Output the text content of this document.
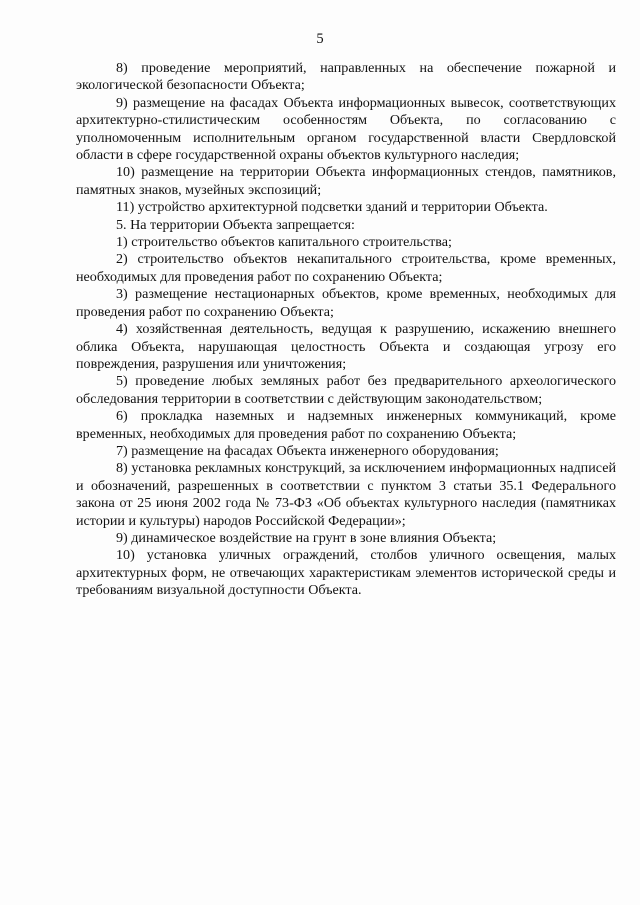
5

8) проведение мероприятий, направленных на обеспечение пожарной и экологической безопасности Объекта;

9) размещение на фасадах Объекта информационных вывесок, соответствующих архитектурно-стилистическим особенностям Объекта, по согласованию с уполномоченным исполнительным органом государственной власти Свердловской области в сфере государственной охраны объектов культурного наследия;

10) размещение на территории Объекта информационных стендов, памятников, памятных знаков, музейных экспозиций;

11) устройство архитектурной подсветки зданий и территории Объекта.

5. На территории Объекта запрещается:

1) строительство объектов капитального строительства;

2) строительство объектов некапитального строительства, кроме временных, необходимых для проведения работ по сохранению Объекта;

3) размещение нестационарных объектов, кроме временных, необходимых для проведения работ по сохранению Объекта;

4) хозяйственная деятельность, ведущая к разрушению, искажению внешнего облика Объекта, нарушающая целостность Объекта и создающая угрозу его повреждения, разрушения или уничтожения;

5) проведение любых земляных работ без предварительного археологического обследования территории в соответствии с действующим законодательством;

6) прокладка наземных и надземных инженерных коммуникаций, кроме временных, необходимых для проведения работ по сохранению Объекта;

7) размещение на фасадах Объекта инженерного оборудования;

8) установка рекламных конструкций, за исключением информационных надписей и обозначений, разрешенных в соответствии с пунктом 3 статьи 35.1 Федерального закона от 25 июня 2002 года № 73-ФЗ «Об объектах культурного наследия (памятниках истории и культуры) народов Российской Федерации»;

9) динамическое воздействие на грунт в зоне влияния Объекта;

10) установка уличных ограждений, столбов уличного освещения, малых архитектурных форм, не отвечающих характеристикам элементов исторической среды и требованиям визуальной доступности Объекта.
